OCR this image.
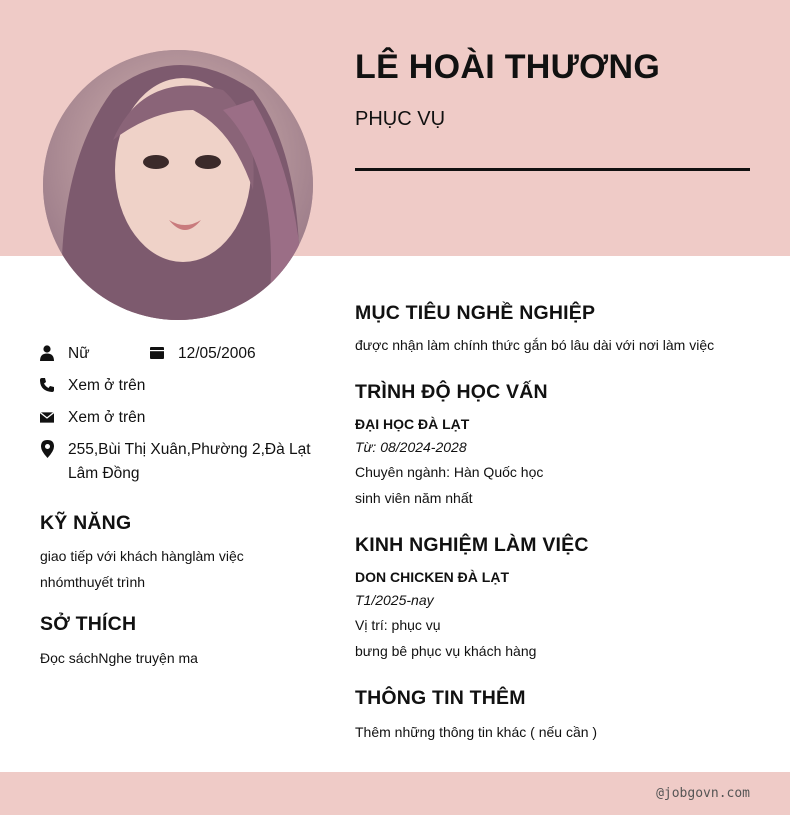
LÊ HOÀI THƯƠNG
PHỤC VỤ
Nữ	12/05/2006
Xem ở trên
Xem ở trên
255,Bùi Thị Xuân,Phường 2,Đà Lạt
Lâm Đồng
KỸ NĂNG
giao tiếp với khách hànglàm việc
nhómthuyết trình
SỞ THÍCH
Đọc sáchNghe truyện ma
MỤC TIÊU NGHỀ NGHIỆP
được nhận làm chính thức gắn bó lâu dài với nơi làm việc
TRÌNH ĐỘ HỌC VẤN
ĐẠI HỌC ĐÀ LẠT
Từ: 08/2024-2028
Chuyên ngành: Hàn Quốc học
sinh viên năm nhất
KINH NGHIỆM LÀM VIỆC
DON CHICKEN ĐÀ LẠT
T1/2025-nay
Vị trí: phục vụ
bưng bê phục vụ khách hàng
THÔNG TIN THÊM
Thêm những thông tin khác ( nếu cần )
@jobgovn.com
